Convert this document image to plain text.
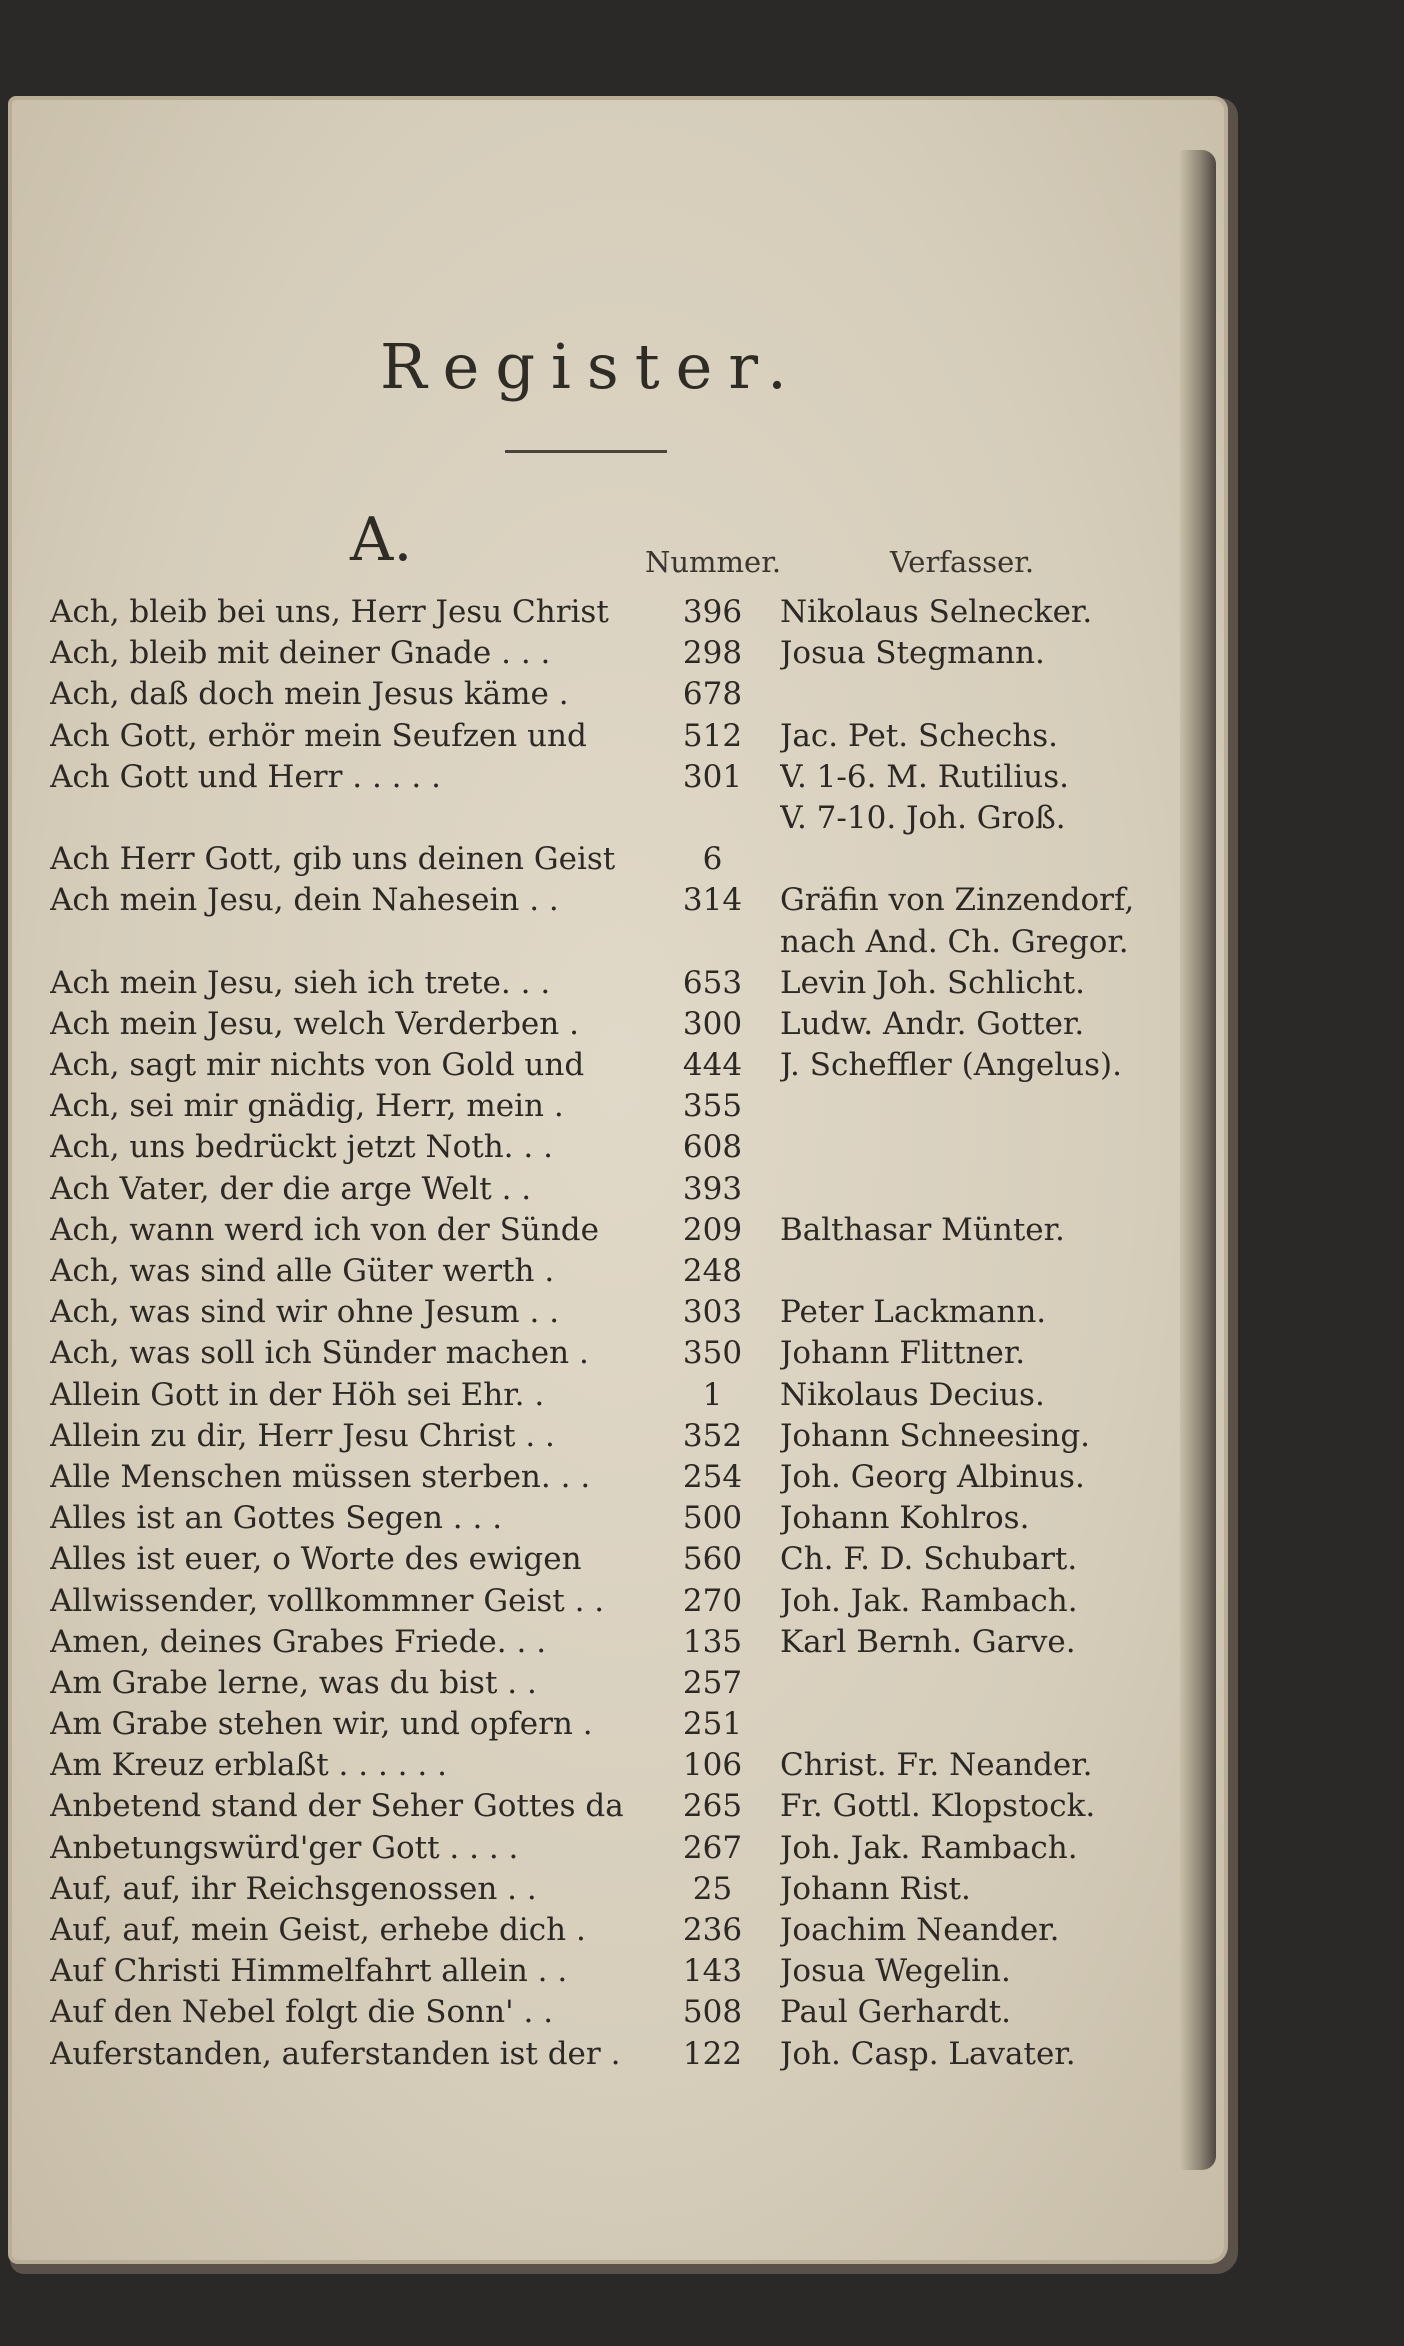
Register.
A.	Nummer.	Verfasser.
Ach, bleib bei uns, Herr Jesu Christ	396	Nikolaus Selnecker.
Ach, bleib mit deiner Gnade . . .	298	Josua Stegmann.
Ach, daß doch mein Jesus käme .	678
Ach Gott, erhör mein Seufzen und	512	Jac. Pet. Schechs.
Ach Gott und Herr . . . . .	301	V. 1-6. M. Rutilius.
V. 7-10. Joh. Groß.
Ach Herr Gott, gib uns deinen Geist	6
Ach mein Jesu, dein Nahesein . .	314	Gräfin von Zinzendorf,
nach And. Ch. Gregor.
Ach mein Jesu, sieh ich trete. . .	653	Levin Joh. Schlicht.
Ach mein Jesu, welch Verderben .	300	Ludw. Andr. Gotter.
Ach, sagt mir nichts von Gold und	444	J. Scheffler (Angelus).
Ach, sei mir gnädig, Herr, mein .	355
Ach, uns bedrückt jetzt Noth. . .	608
Ach Vater, der die arge Welt . .	393
Ach, wann werd ich von der Sünde	209	Balthasar Münter.
Ach, was sind alle Güter werth .	248
Ach, was sind wir ohne Jesum . .	303	Peter Lackmann.
Ach, was soll ich Sünder machen .	350	Johann Flittner.
Allein Gott in der Höh sei Ehr. .	1	Nikolaus Decius.
Allein zu dir, Herr Jesu Christ . .	352	Johann Schneesing.
Alle Menschen müssen sterben. . .	254	Joh. Georg Albinus.
Alles ist an Gottes Segen . . .	500	Johann Kohlros.
Alles ist euer, o Worte des ewigen	560	Ch. F. D. Schubart.
Allwissender, vollkommner Geist . .	270	Joh. Jak. Rambach.
Amen, deines Grabes Friede. . .	135	Karl Bernh. Garve.
Am Grabe lerne, was du bist . .	257
Am Grabe stehen wir, und opfern .	251
Am Kreuz erblaßt . . . . . .	106	Christ. Fr. Neander.
Anbetend stand der Seher Gottes da	265	Fr. Gottl. Klopstock.
Anbetungswürd'ger Gott . . . .	267	Joh. Jak. Rambach.
Auf, auf, ihr Reichsgenossen . .	25	Johann Rist.
Auf, auf, mein Geist, erhebe dich .	236	Joachim Neander.
Auf Christi Himmelfahrt allein . .	143	Josua Wegelin.
Auf den Nebel folgt die Sonn' . .	508	Paul Gerhardt.
Auferstanden, auferstanden ist der .	122	Joh. Casp. Lavater.
